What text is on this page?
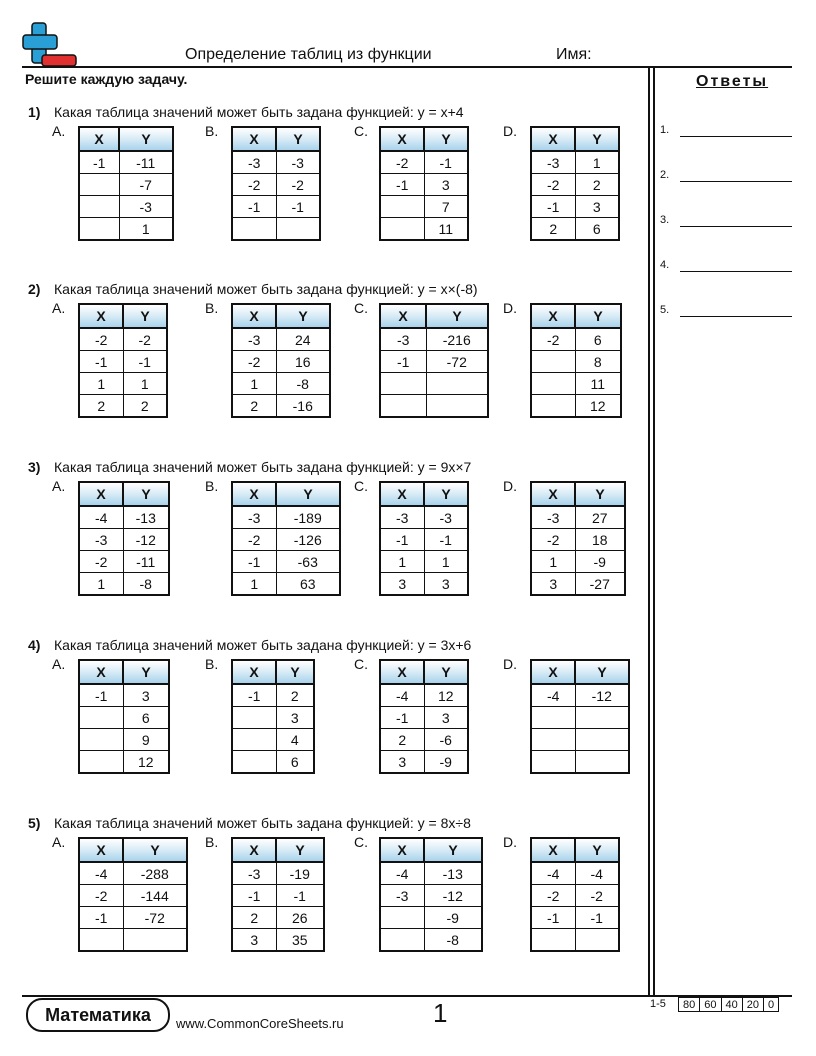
Определение таблиц из функции	Имя:
Решите каждую задачу.	Ответы
1.
2.
3.
4.
5.
1) Какая таблица значений может быть задана функцией: y = x+4
A. X	Y
-1	-11
	-7
	-3
	1
B. X	Y
-3	-3
-2	-2
-1	-1

C. X	Y
-2	-1
-1	3
	7
	11
D. X	Y
-3	1
-2	2
-1	3
2	6
2) Какая таблица значений может быть задана функцией: y = x×(-8)
A. X	Y
-2	-2
-1	-1
1	1
2	2
B. X	Y
-3	24
-2	16
1	-8
2	-16
C. X	Y
-3	-216
-1	-72

D. X	Y
-2	6
	8
	11
	12
3) Какая таблица значений может быть задана функцией: y = 9x×7
A. X	Y
-4	-13
-3	-12
-2	-11
1	-8
B. X	Y
-3	-189
-2	-126
-1	-63
1	63
C. X	Y
-3	-3
-1	-1
1	1
3	3
D. X	Y
-3	27
-2	18
1	-9
3	-27
4) Какая таблица значений может быть задана функцией: y = 3x+6
A. X	Y
-1	3
	6
	9
	12
B. X	Y
-1	2
	3
	4
	6
C. X	Y
-4	12
-1	3
2	-6
3	-9
D. X	Y
-4	-12

5) Какая таблица значений может быть задана функцией: y = 8x÷8
A. X	Y
-4	-288
-2	-144
-1	-72

B. X	Y
-3	-19
-1	-1
2	26
3	35
C. X	Y
-4	-13
-3	-12
	-9
	-8
D. X	Y
-4	-4
-2	-2
-1	-1

Математика	www.CommonCoreSheets.ru	1	1-5 80	60	40	20	0
